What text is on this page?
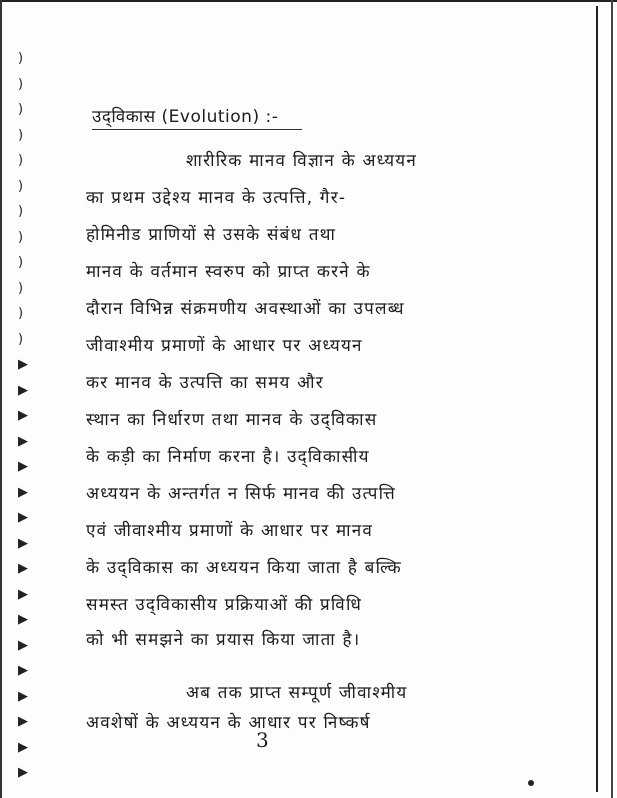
)
)
)
)
)
)
)
)
)
)
)
)
▶
▶
▶
▶
▶
▶
▶
▶
▶
▶
▶
▶
▶
▶
▶
▶
▶
उद्‌विकास (Evolution) :-
शारीरिक मानव विज्ञान के अध्ययन
का प्रथम उद्देश्य मानव के उत्पत्ति, गैर-
होमिनीड प्राणियों से उसके संबंध तथा
मानव के वर्तमान स्वरुप को प्राप्त करने के
दौरान विभिन्न संक्रमणीय अवस्थाओं का उपलब्ध
जीवाश्मीय प्रमाणों के आधार पर अध्ययन
कर मानव के उत्पत्ति का समय और
स्थान का निर्धारण तथा मानव के उद्‌विकास
के कड़ी का निर्माण करना है। उद्‌विकासीय
अध्ययन के अन्तर्गत न सिर्फ मानव की उत्पत्ति
एवं जीवाश्मीय प्रमाणों के आधार पर मानव
के उद्‌विकास का अध्ययन किया जाता है बल्कि
समस्त उद्‌विकासीय प्रक्रियाओं की प्रविधि
को भी समझने का प्रयास किया जाता है।
अब तक प्राप्त सम्पूर्ण जीवाश्मीय
अवशेषों के अध्ययन के आधार पर निष्कर्ष
3
